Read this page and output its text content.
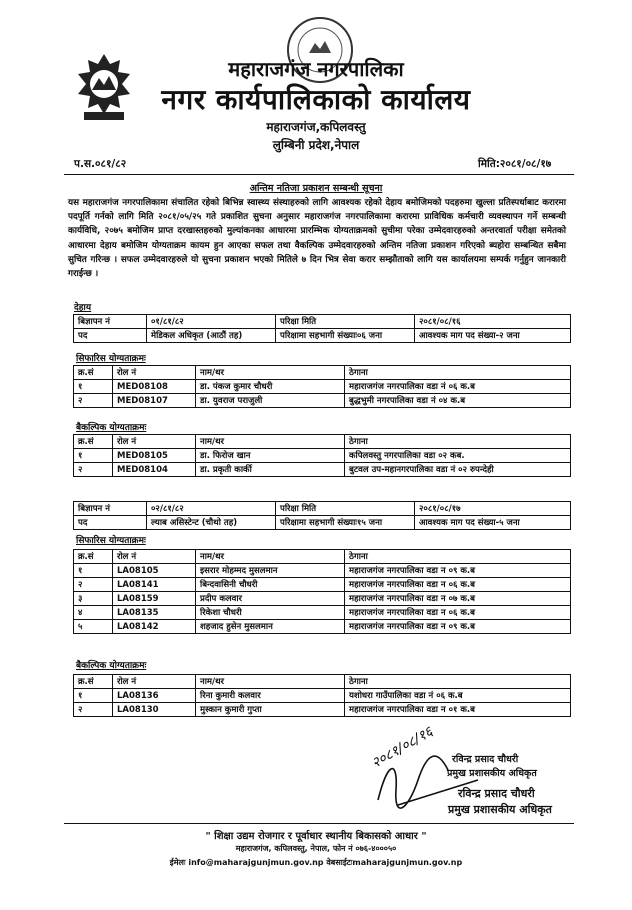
महाराजगंज नगरपालिका
नगर कार्यपालिकाको कार्यालय
महाराजगंज,कपिलवस्तु
लुम्बिनी प्रदेश,नेपाल
प.स.०८१/८२	मिति:२०८१/०८/१७
अन्तिम नतिजा प्रकाशन सम्बन्धी सूचना
यस महाराजगंज नगरपालिकामा संचालित रहेको बिभिन्न स्वास्थ्य संस्थाहरुको लागि आवश्यक रहेको देहाय बमोजिमको पदहरुमा खुल्ला प्रतिस्पर्धाबाट करारमा पदपूर्ति गर्नको लागि मिति २०८१/०५/२५ गते प्रकाशित सुचना अनुसार महाराजगंज नगरपालिकामा करारमा प्राविधिक कर्मचारी व्यवस्थापन गर्ने सम्बन्धी कार्यविधि, २०७५ बमोजिम प्राप्त दरखास्तहरुको मुल्यांकनका आधारमा प्रारम्भिक योग्यताक्रमको सुचीमा परेका उम्मेदवारहरुको अन्तरवार्ता परीक्षा समेतको आधारमा देहाय बमोजिम योग्यताक्रम कायम हुन आएका सफल तथा वैकल्पिक उम्मेदवारहरुको अन्तिम नतिजा प्रकाशन गरिएको ब्यहोरा सम्बन्धित सबैमा सुचित गरिन्छ । सफल उम्मेदवारहरुले यो सुचना प्रकाशन भएको मितिले ७ दिन भित्र सेवा करार सम्झौताको लागि यस कार्यालयमा सम्पर्क गर्नुहुन जानकारी गराईन्छ ।
देहाय
बिज्ञापन नं	०१/८१/८२	परिक्षा मिति	२०८१/०८/१६
पद	मेडिकल अधिकृत (आठौं तह)	परिक्षामा सहभागी संख्याः०६ जना	आवश्यक माग पद संख्या-२ जना
सिफारिस योग्यताक्रमः
क्र.सं	रोल नं	नाम/थर	ठेगाना
१	MED08108	डा. पंकज कुमार चौधरी	महाराजगंज नगरपालिका वडा नं ०६ क.ब
२	MED08107	डा. युवराज पराजुली	बुद्धभुमी नगरपालिका वडा नं ०४ क.ब
बैकल्पिक योग्यताक्रमः
क्र.सं	रोल नं	नाम/थर	ठेगाना
१	MED08105	डा. फिरोज खान	कपिलवस्तु नगरपालिका वडा ०२ कब.
२	MED08104	डा. प्रकृती कार्की	बुटवल उप-महानगरपालिका वडा नं ०२ रुपन्देही
बिज्ञापन नं	०२/८१/८२	परिक्षा मिति	२०८१/०८/१७
पद	ल्याब असिस्टेन्ट (चौथो तह)	परिक्षामा सहभागी संख्याः१५ जना	आवश्यक माग पद संख्या-५ जना
सिफारिस योग्यताक्रमः
क्र.सं	रोल नं	नाम/थर	ठेगाना
१	LA08105	इसरार मोहम्मद मुसलमान	महाराजगंज नगरपालिका वडा न ०९ क.ब
२	LA08141	बिन्दवासिनी चौधरी	महाराजगंज नगरपालिका वडा न ०६ क.ब
३	LA08159	प्रदीप कलवार	महाराजगंज नगरपालिका वडा न ०७ क.ब
४	LA08135	रिकेशा चौधरी	महाराजगंज नगरपालिका वडा न ०६ क.ब
५	LA08142	शहजाद हुसेन मुसलमान	महाराजगंज नगरपालिका वडा न ०९ क.ब
बैकल्पिक योग्यताक्रमः
क्र.सं	रोल नं	नाम/थर	ठेगाना
१	LA08136	रिना कुमारी कलवार	यशोधरा गाउँपालिका वडा नं ०६ क.ब
२	LA08130	मुस्कान कुमारी गुप्ता	महाराजगंज नगरपालिका वडा न ०१ क.ब
२०८१/०८/१६ रविन्द्र प्रसाद चौधरी
प्रमुख प्रशासकीय अधिकृत
रविन्द्र प्रसाद चौधरी
प्रमुख प्रशासकीय अधिकृत
" शिक्षा उद्यम रोजगार र पूर्वाधार स्थानीय बिकासको आधार "
महाराजगंज, कपिलवस्तु, नेपाल, फोन नं ०७६-४०००५०
ईमेलः info@maharajgunjmun.gov.np वेबसाईटःmaharajgunjmun.gov.np
